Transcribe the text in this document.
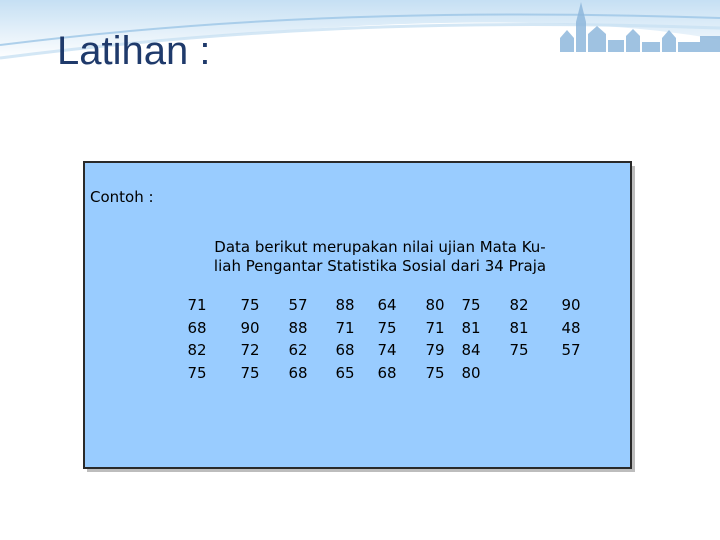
Latihan :
Contoh :
Data berikut merupakan nilai ujian Mata Ku-
liah Pengantar Statistika Sosial dari 34 Praja
71
68
82
75
75
90
72
75
57
88
62
68
88
71
68
65
64
75
74
68
80
71
79
75
75
81
84
80
82
81
75
90
48
57
